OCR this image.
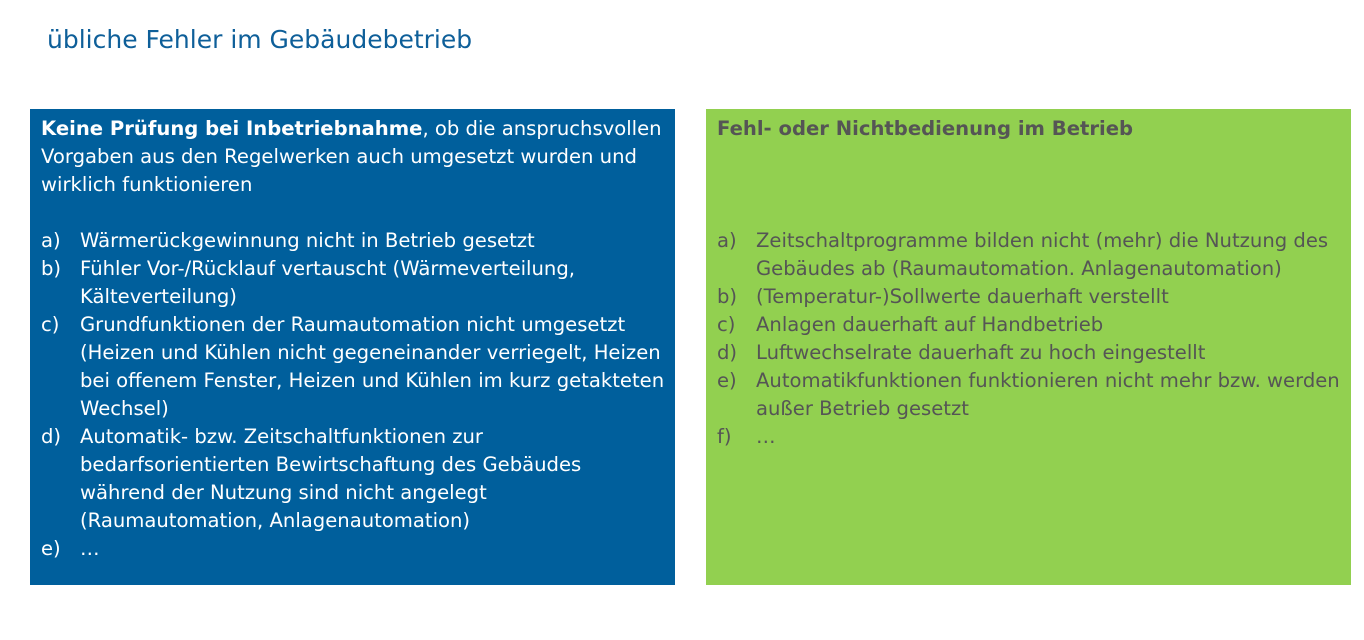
übliche Fehler im Gebäudebetrieb

Keine Prüfung bei Inbetriebnahme, ob die anspruchsvollen Vorgaben aus den Regelwerken auch umgesetzt wurden und wirklich funktionieren

a) Wärmerückgewinnung nicht in Betrieb gesetzt
b) Fühler Vor-/Rücklauf vertauscht (Wärmeverteilung, Kälteverteilung)
c)	Grundfunktionen der Raumautomation nicht umgesetzt (Heizen und Kühlen nicht gegeneinander verriegelt, Heizen bei offenem Fenster, Heizen und Kühlen im kurz getakteten Wechsel)
d) Automatik- bzw. Zeitschaltfunktionen zur bedarfsorientierten Bewirtschaftung des Gebäudes während der Nutzung sind nicht angelegt (Raumautomation, Anlagenautomation)
e) …

Fehl- oder Nichtbedienung im Betrieb

a) Zeitschaltprogramme bilden nicht (mehr) die Nutzung des Gebäudes ab (Raumautomation. Anlagenautomation)
b) (Temperatur-)Sollwerte dauerhaft verstellt
c)	Anlagen dauerhaft auf Handbetrieb
d) Luftwechselrate dauerhaft zu hoch eingestellt
e) Automatikfunktionen funktionieren nicht mehr bzw. werden außer Betrieb gesetzt
f)	…
